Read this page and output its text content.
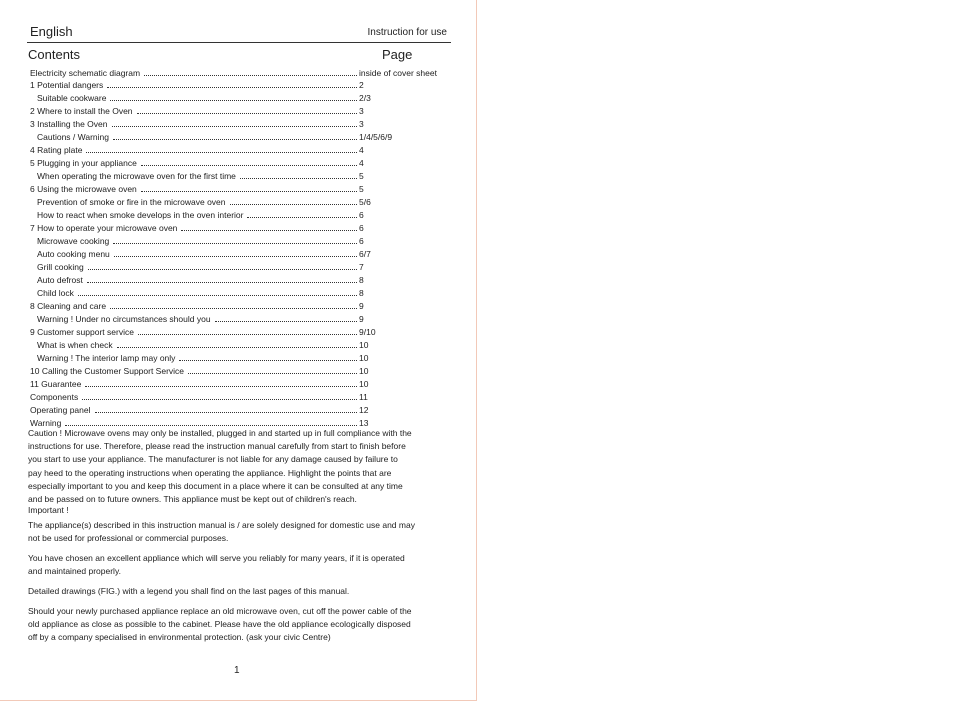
English	Instruction for use
Contents	Page
Electricity schematic diagram	inside of cover sheet
1 Potential dangers	2
Suitable cookware	2/3
2 Where to install the Oven	3
3 Installing the Oven	3
Cautions / Warning	1/4/5/6/9
4 Rating plate	4
5 Plugging in your appliance	4
When operating the microwave oven for the first time	5
6 Using the microwave oven	5
Prevention of smoke or fire in the microwave oven	5/6
How to react when smoke develops in the oven interior	6
7 How to operate your microwave oven	6
Microwave cooking	6
Auto cooking menu	6/7
Grill cooking	7
Auto defrost	8
Child lock	8
8 Cleaning and care	9
Warning ! Under no circumstances should you	9
9 Customer support service	9/10
What is when check	10
Warning ! The interior lamp may only	10
10 Calling the Customer Support Service	10
11 Guarantee	10
Components	11
Operating panel	12
Warning	13
Caution ! Microwave ovens may only be installed, plugged in and started up in full compliance with the
instructions for use. Therefore, please read the instruction manual carefully from start to finish before
you start to use your appliance. The manufacturer is not liable for any damage caused by failure to
pay heed to the operating instructions when operating the appliance. Highlight the points that are
especially important to you and keep this document in a place where it can be consulted at any time
and be passed on to future owners. This appliance must be kept out of children's reach.
Important !
The appliance(s) described in this instruction manual is / are solely designed for domestic use and may
not be used for professional or commercial purposes.
You have chosen an excellent appliance which will serve you reliably for many years, if it is operated
and maintained properly.
Detailed drawings (FIG.) with a legend you shall find on the last pages of this manual.
Should your newly purchased appliance replace an old microwave oven, cut off the power cable of the
old appliance as close as possible to the cabinet. Please have the old appliance ecologically disposed
off by a company specialised in environmental protection. (ask your civic Centre)
1
